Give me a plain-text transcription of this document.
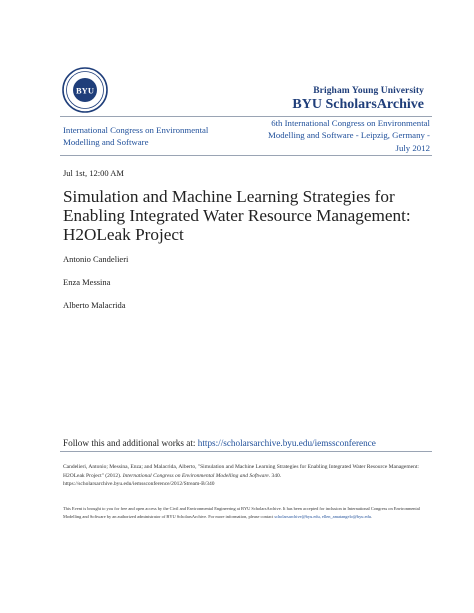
BYU	Brigham Young University
BYU ScholarsArchive
International Congress on Environmental Modelling and Software
6th International Congress on Environmental Modelling and Software - Leipzig, Germany - July 2012
Jul 1st, 12:00 AM
Simulation and Machine Learning Strategies for Enabling Integrated Water Resource Management: H2OLeak Project
Antonio Candelieri
Enza Messina
Alberto Malacrida
Follow this and additional works at: https://scholarsarchive.byu.edu/iemssconference
Candelieri, Antonio; Messina, Enza; and Malacrida, Alberto, "Simulation and Machine Learning Strategies for Enabling Integrated Water Resource Management: H2OLeak Project" (2012). International Congress on Environmental Modelling and Software. 340.
https://scholarsarchive.byu.edu/iemssconference/2012/Stream-B/340
This Event is brought to you for free and open access by the Civil and Environmental Engineering at BYU ScholarsArchive. It has been accepted for inclusion in International Congress on Environmental Modelling and Software by an authorized administrator of BYU ScholarsArchive. For more information, please contact scholarsarchive@byu.edu, ellen_amatangelo@byu.edu.
